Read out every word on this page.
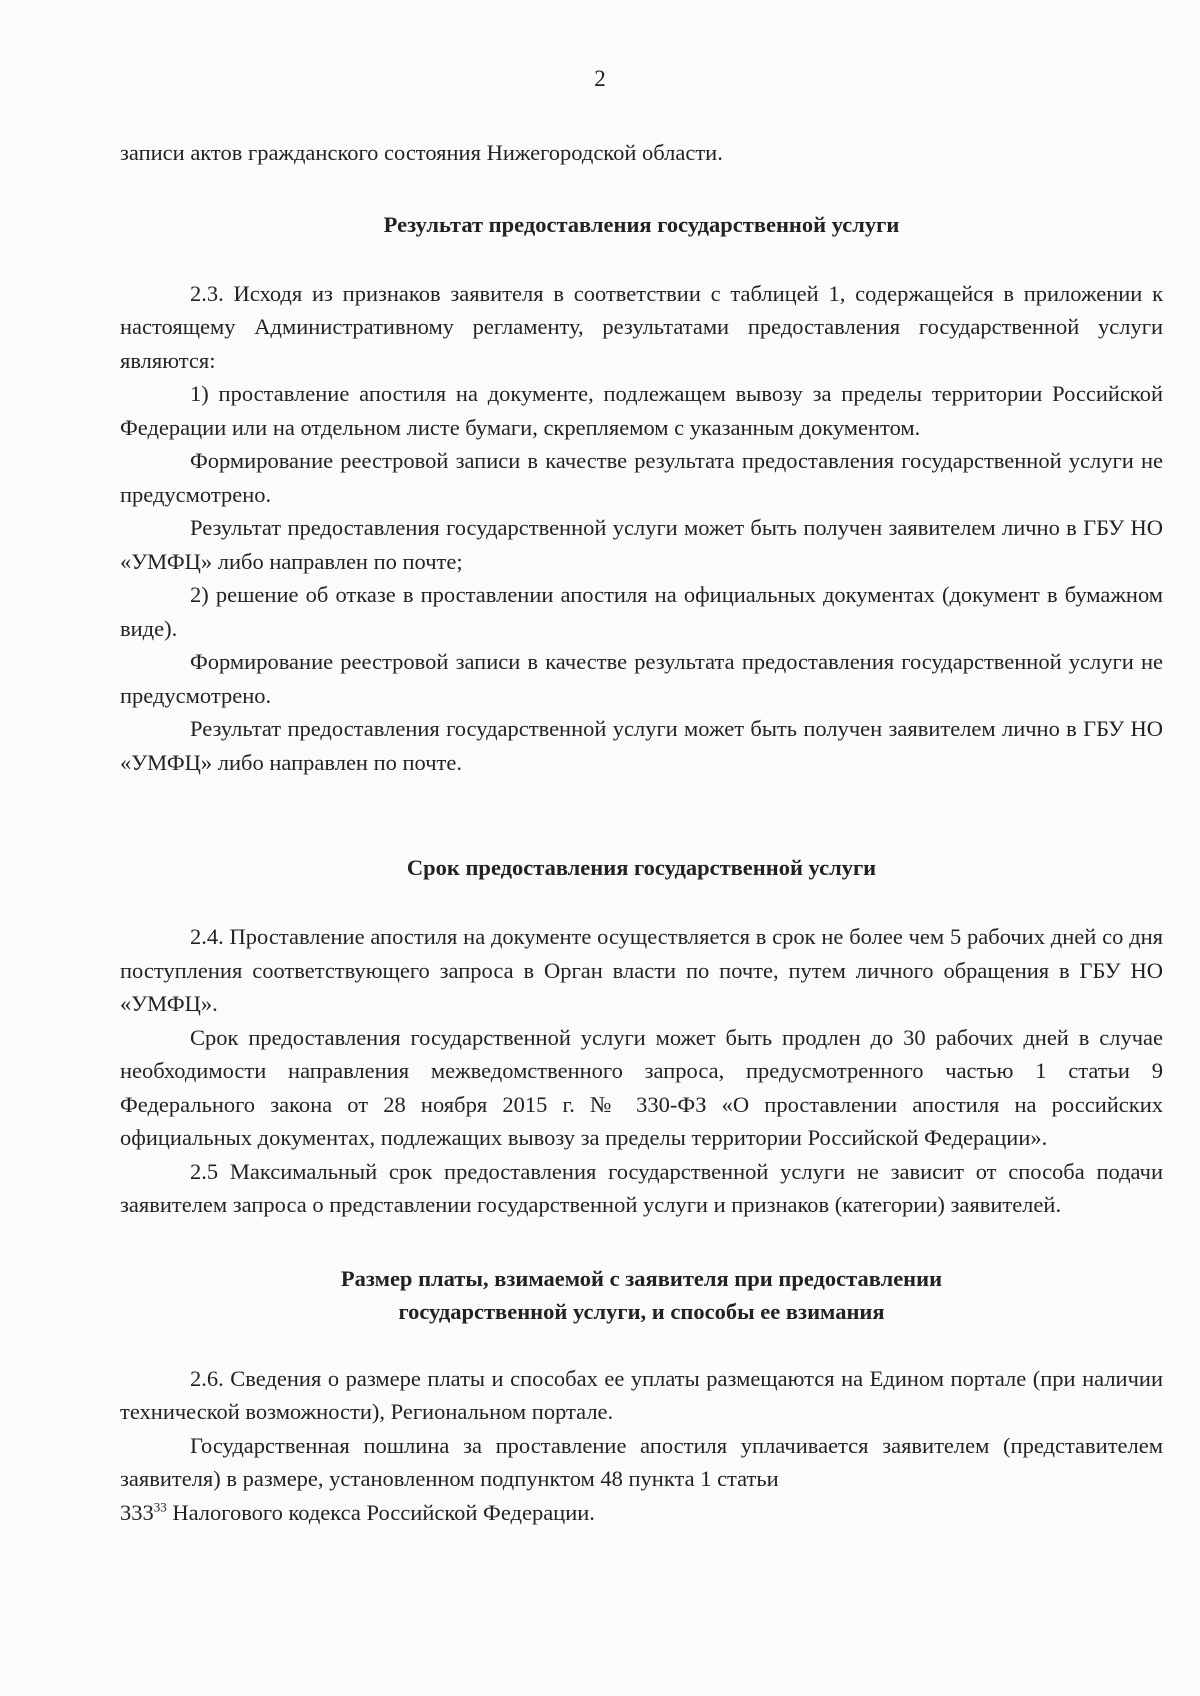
2

записи актов гражданского состояния Нижегородской области.

Результат предоставления государственной услуги

2.3. Исходя из признаков заявителя в соответствии с таблицей 1, содержащейся в приложении к настоящему Административному регламенту, результатами предоставления государственной услуги являются:

1) проставление апостиля на документе, подлежащем вывозу за пределы территории Российской Федерации или на отдельном листе бумаги, скрепляемом с указанным документом.

Формирование реестровой записи в качестве результата предоставления государственной услуги не предусмотрено.

Результат предоставления государственной услуги может быть получен заявителем лично в ГБУ НО «УМФЦ» либо направлен по почте;

2) решение об отказе в проставлении апостиля на официальных документах (документ в бумажном виде).

Формирование реестровой записи в качестве результата предоставления государственной услуги не предусмотрено.

Результат предоставления государственной услуги может быть получен заявителем лично в ГБУ НО «УМФЦ» либо направлен по почте.

Срок предоставления государственной услуги

2.4. Проставление апостиля на документе осуществляется в срок не более чем 5 рабочих дней со дня поступления соответствующего запроса в Орган власти по почте, путем личного обращения в ГБУ НО «УМФЦ».

Срок предоставления государственной услуги может быть продлен до 30 рабочих дней в случае необходимости направления межведомственного запроса, предусмотренного частью 1 статьи 9 Федерального закона от 28 ноября 2015 г. № 330-ФЗ «О проставлении апостиля на российских официальных документах, подлежащих вывозу за пределы территории Российской Федерации».

2.5 Максимальный срок предоставления государственной услуги не зависит от способа подачи заявителем запроса о представлении государственной услуги и признаков (категории) заявителей.

Размер платы, взимаемой с заявителя при предоставлении
государственной услуги, и способы ее взимания

2.6. Сведения о размере платы и способах ее уплаты размещаются на Едином портале (при наличии технической возможности), Региональном портале.

Государственная пошлина за проставление апостиля уплачивается заявителем (представителем заявителя) в размере, установленном подпунктом 48 пункта 1 статьи

$333^{33}$ Налогового кодекса Российской Федерации.
